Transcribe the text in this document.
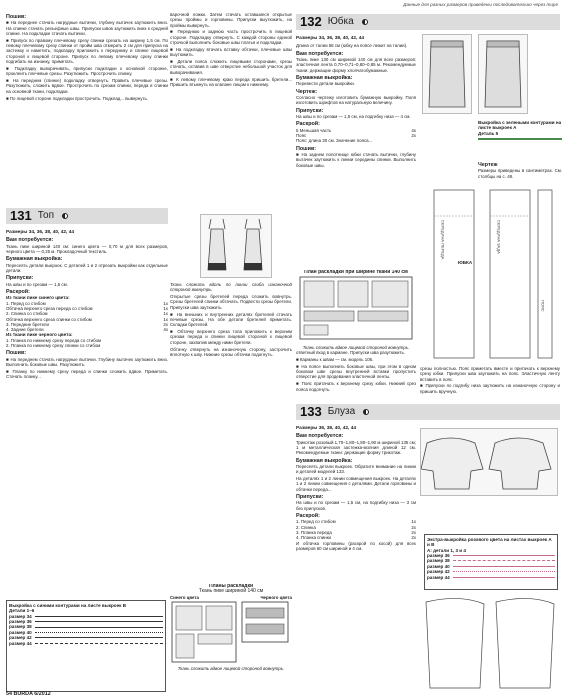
Данные для разных размеров приведены последовательно через тире
Пошив:

■ На переднее стачать нагрудные вытачки, глубину вытачек заутюжить вниз. На спинке стачать рельефные швы. Припуски швов заутюжить вниз к средней спинке. На подкладке стачать вытачки.

■ Припуск по правому плечевому срезу спинки срезать на ширину 1,5 см. По левому плечевому срезу спинки от пройм шва отмерить 2 см для припуска на застежку и наметить, подкладку приложить к переднему и спинке лицевой стороной к лицевой стороне. Припуск по левому плечевому срезу спинки подгибать на изнанку, приметать.

■ Подкладку выворачивать, припуски подкладки к основной сторонке, проклеить плечевые срезы. Разутюжить. Прострочить спинку.

■ На переднем (спинке) подкладку отвернуть. Править плечевые срезы. Разутюжить, сложить вдвое. Прострочить по срезам спинки, переда и спинки на основной ткани, подкладки.

■ По лицевой стороне подкладки прострочить. Подклад... вывернуть.

131 Топ
Размеры 34, 36, 38, 40, 42, 44
Вам потребуется:

Ткань пике шириной 140 см: синего цвета — 0,70 м для всех размеров, черного цвета — 0,25 м. Прокладочный текстиль.

Бумажная выкройка:

Пересеять детали выкроек. С деталей 1 и 2 отрезать выкройки как отдельные детали.

Припуски:

На швы и по срезам — 1,5 см.

Раскрой:
Из ткани пике синего цвета:
1. Перед со стибом	1x
Обтачка верхнего среза переда со стибом	1x
2. Спинка со стибом	1x
Обтачка верхнего среза спинки со стибом	1x
3. Передние бретели	2x
4. Задние бретели	4x
Из ткани пике черного цвета:
1. Планка по нижнему срезу переда со стибом
2. Планка по нижнему срезу спинки со стибом
Пошив:

■ На переднем стачать нагрудные вытачки. Глубину вытачек заутюжить вниз. Выполнить боковые швы. Разутюжить.

■ Планку по нижнему срезу переда и спинки сложить вдвое. Приметать. Стачать планку...

Выкройка с синими контурами на листе выкроек В
Детали 1–6
размер 34
размер 36
размер 38
размер 40
размер 42
размер 44

варочной ложки. Затем стачать оставшиеся открытые срезы проймы и горловины. Припуски выутюжить, на проймы вывернуть.

■ Переднюю и заднюю часть прострочить в лицевой стороне. Подкладку отвернуть. С каждой стороны единой строчкой выполнить боковые швы платья и подкладки.

■ На подкладку втачать вставку обтачки, плечевые швы выутюжить.

■ Детали пояса сложить лицевыми сторонами, срезы стачать, оставив в шве отверстие небольшой участок для выворачивания.

■ К левому плечевому краю переда пришить бретели... Пришить втыкнуть на клапане лицом к нижнему.

Ткань сложить вдоль по линии сгиба изнаночной стороной вовнутрь.

Открытые срезы бретелей переда сложить вовнутрь. Срезы бретелей спинки обтачать. Подвести срезы бретели. Припуски шва заутюжить.

■ На внешних и внутренних деталях бретелей стачать печевые срезы. На обе детали бретелей приметать. Складки бретелей.

■ Обтачку верхнего среза топа приложить к верхним срезам переда и спинки лицевой стороной к лицевой стороне, захватив между ними бретели.

Обтачку отвернуть на изнаночную сторону, застрочить вплотную к шву. Нижние срезы обтачки подогнуть.

Планы раскладки
Ткань пике шириной 140 см
Синего цвета	Черного цвета
Ткань сложить вдвое лицевой стороной вовнутрь.
132 Юбка
Размеры 34, 36, 38, 40, 42, 44

Длина от талии 58 см (юбку на поясе лежит на талии).

Вам потребуется:

Ткань пике 130 см шириной 140 см для всех размеров: эластичная лента 0,70–0,71–0,80–0,85 м. Рекомендуемые ткани: держащие форму хлопчатобумажные.

Бумажная выкройка:

Перевести детали выкройки.

Чертеж:

Согласно чертежу изготовить бумажную выкройку. Поля изготовить шрифтов на натуральную величину.

Припуски:

На швы и по срезам — 1,5 см, на подгибку низа — 4 см.

Раскрой:
5 Меньшая часть	4x
Пояс	2x

Пояс: длина 30 см. Значение пояса...

Пошив:

■ На заднем полотнище юбки стачать вытачки, глубину вытачек заутюжить к линии середины спинки. Выполнить боковые швы.

План раскладки при ширине ткани 140 см
Ткань сложить вдвое лицевой стороной вовнутрь.

ответный вход в кармане. Припуски шва разутюжить.

■ Карманы к швам — см. модель 106.

■ На поясе выполнить боковые швы, при этом в одном боковом шве срезы внутренней вставки пропустить отверстие для продевания эластичной ленты.

■ Пояс притачать к верхнему срезу юбки. Нижний срез пояса подогнуть.

133 Блуза
Размеры 36, 38, 40, 42, 44
Вам потребуется:

Трикотаж розовый 1,70–1,80–1,80–1,90 м шириной 135 см; 1 м металлическая застежка-молния длиной 12 см. Рекомендуемые ткани: держащие форму трикотаж.

Бумажная выкройка:

Пересеять детали выкроек. Обратите внимание на линии и деталей моделей 133.

На деталях 1 и 2 линии совмещения выкроек. На деталях 1 и 2 линии совмещения с деталями. Детали горловины и обтачки переда...

Припуски:

На швы и по срезам — 1,5 см, на подгибку низа — 3 см без припусков.

Раскрой:
1. Перед со стибом	1x
2. Спинка	2x
3. Планка переда	2x
4. Планка спинки	2x

И обтачка горловины (раскрой по косой) для всех размеров 60 см шириной и 4 см.

Выкройка с зелеными контурами на листе выкроек А
Деталь 5
Чертеж

Размеры приведены в сантиметрах. См. столбцы на с. 48.

СЕРЕДИНА ПЕРЕДА	СЕРЕДИНА ЗАДА
ЮБКА
ПОЯС

срезы полностью. Пояс приметать вместе и притачать к верхнему срезу юбки. Припуски шва заутюжить на пояс. Эластичную ленту вставить в пояс.

■ Припуски по подгибу низа заутюжить на изнаночную сторону и пришить вручную.

Экстра-выкройка розового цвета на листах выкроек А и В
А: детали 1, 3 и 4
размер 36
размер 38
размер 40
размер 42
размер 44
54 BURDA 6/2012
